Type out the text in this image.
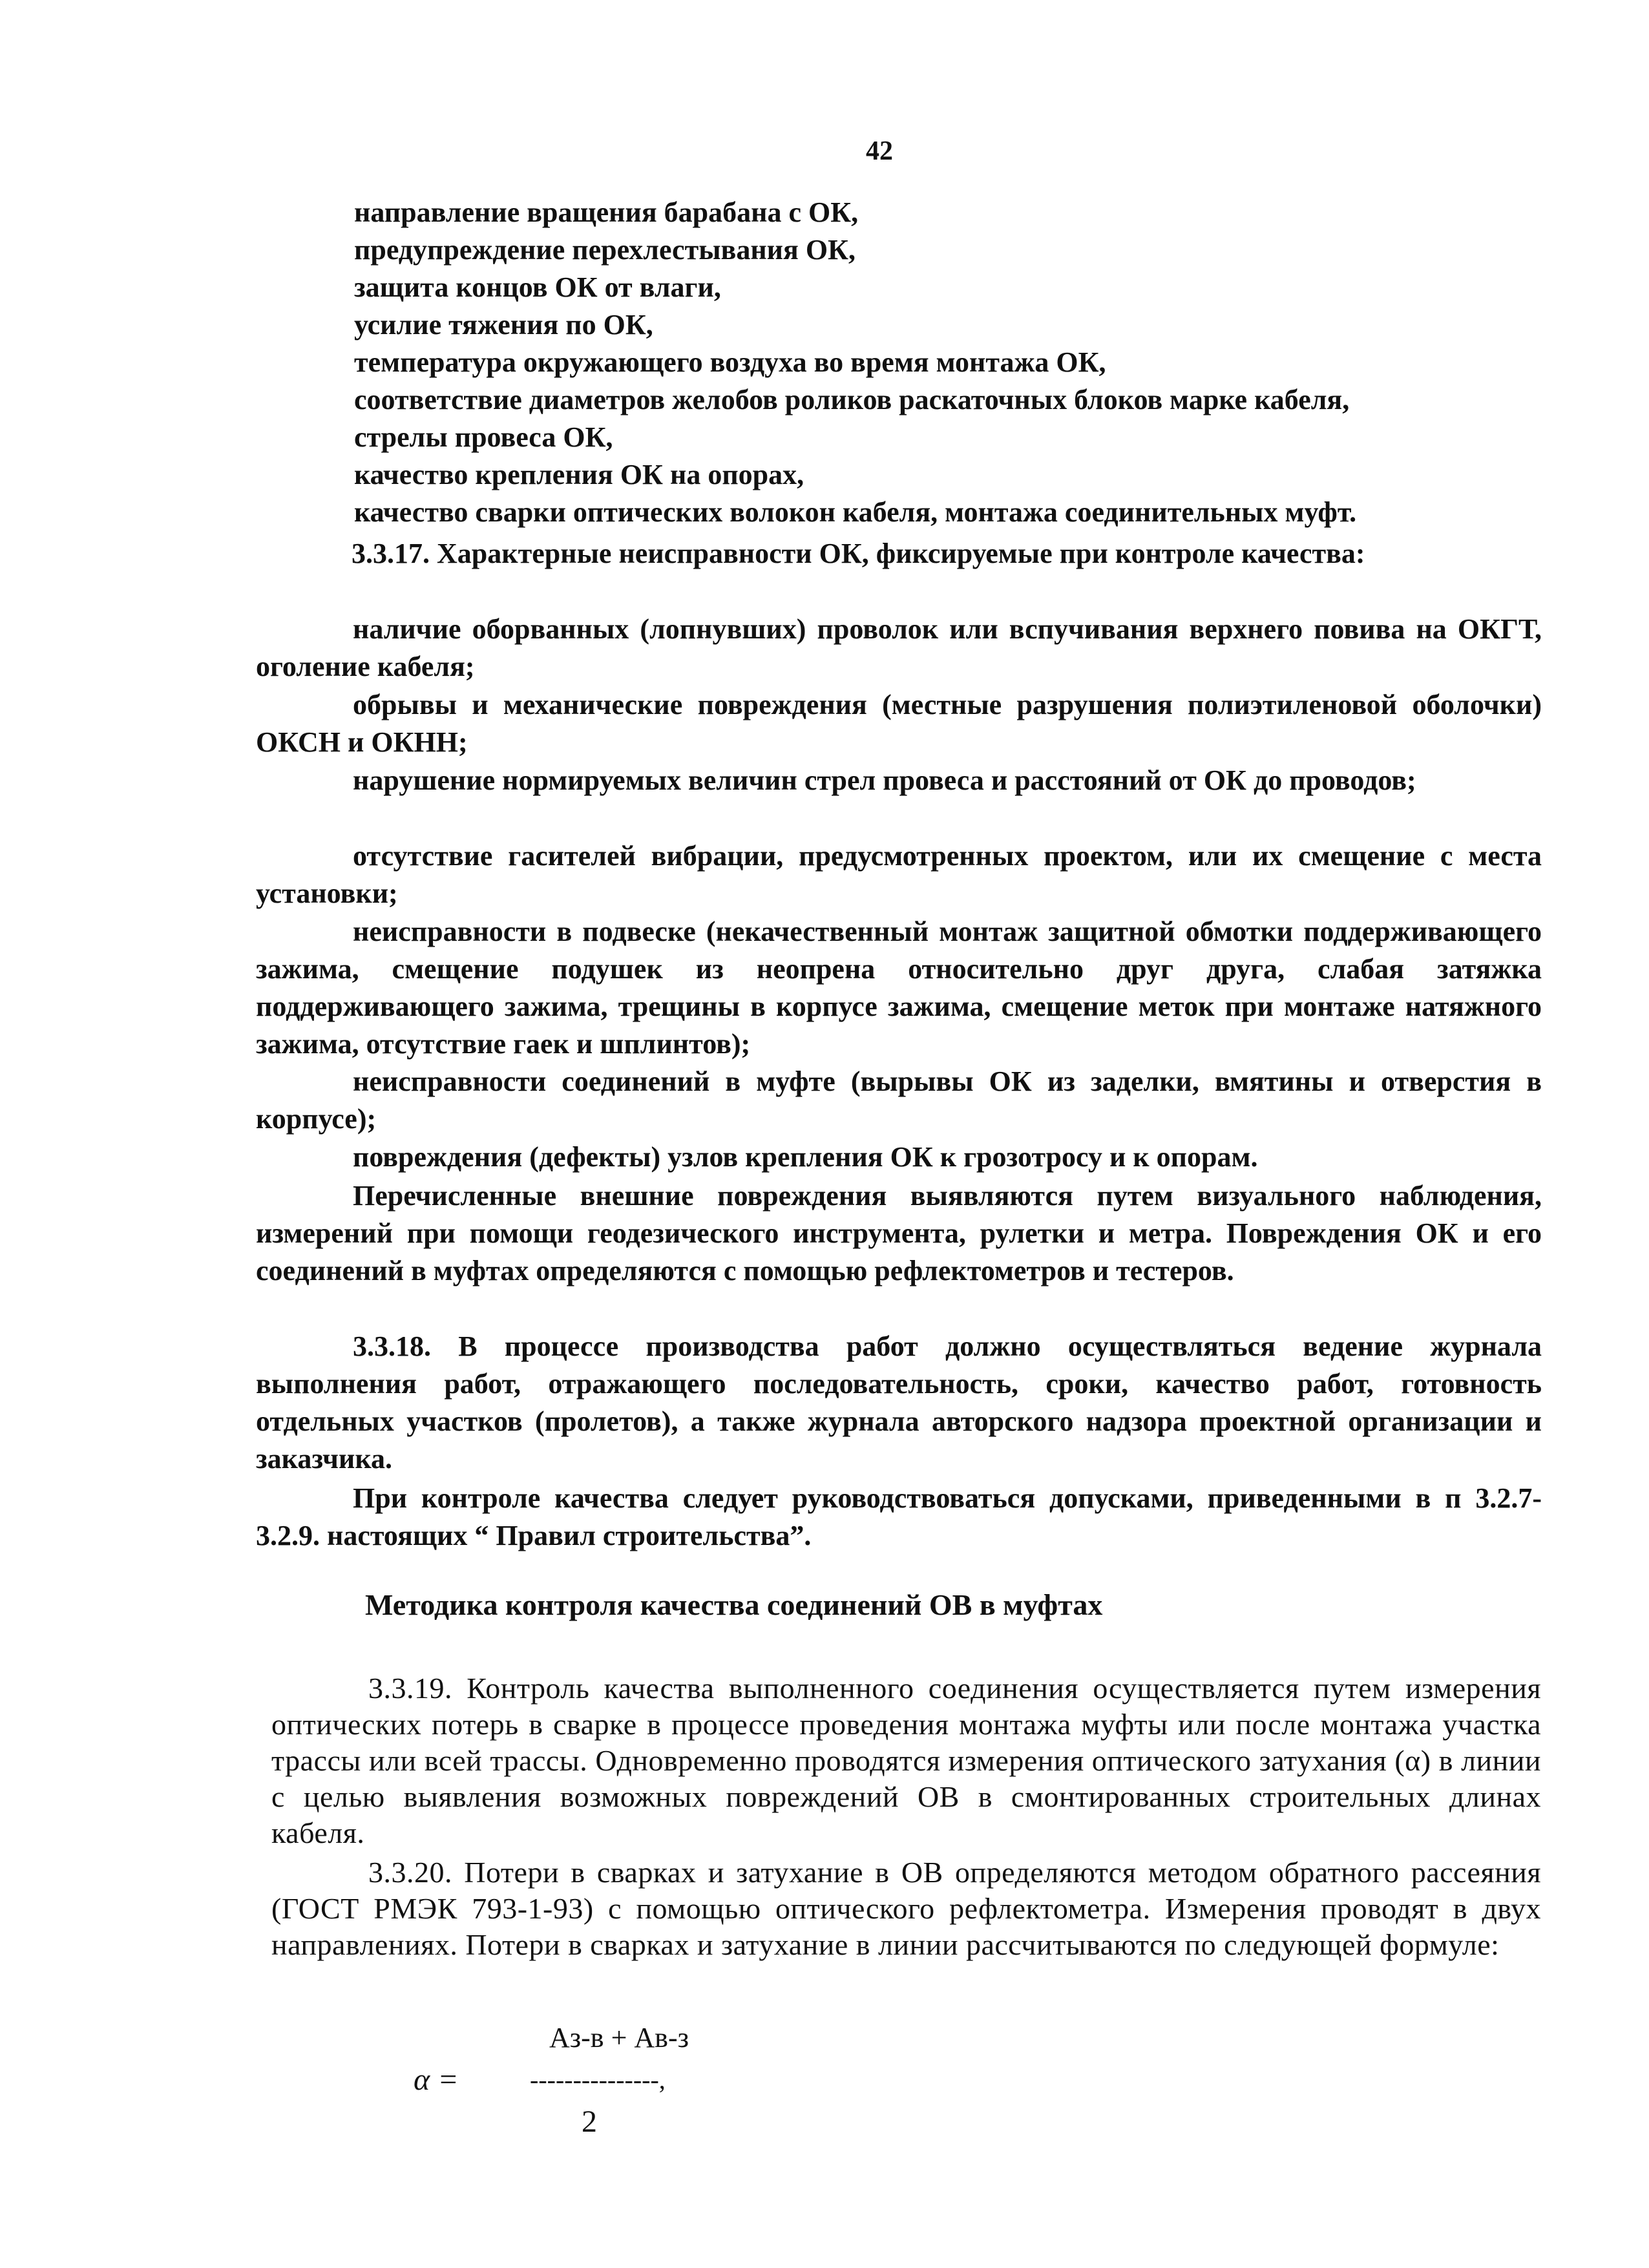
42
направление вращения барабана с ОК,
предупреждение перехлестывания ОК,
защита концов ОК от влаги,
усилие тяжения по ОК,
температура окружающего воздуха во время монтажа ОК,
соответствие диаметров желобов роликов раскаточных блоков марке кабеля,
стрелы провеса ОК,
качество крепления ОК на опорах,
качество сварки оптических волокон кабеля, монтажа соединительных муфт.
3.3.17. Характерные неисправности ОК, фиксируемые при контроле качества:
наличие оборванных (лопнувших) проволок или вспучивания верхнего повива на ОКГТ, оголение кабеля;
обрывы и механические повреждения (местные разрушения полиэтиленовой оболочки) ОКСН и ОКНН;
нарушение нормируемых величин стрел провеса и расстояний от ОК до проводов;
отсутствие гасителей вибрации, предусмотренных проектом, или их смещение с места установки;
неисправности в подвеске (некачественный монтаж защитной обмотки поддерживающего зажима, смещение подушек из неопрена относительно друг друга, слабая затяжка поддерживающего зажима, трещины в корпусе зажима, смещение меток при монтаже натяжного зажима, отсутствие гаек и шплинтов);
неисправности соединений в муфте (вырывы ОК из заделки, вмятины и отверстия в корпусе);
повреждения (дефекты) узлов крепления ОК к грозотросу и к опорам.
Перечисленные внешние повреждения выявляются путем визуального наблюдения, измерений при помощи геодезического инструмента, рулетки и метра. Повреждения ОК и его соединений в муфтах определяются с помощью рефлектометров и тестеров.
3.3.18. В процессе производства работ должно осуществляться ведение журнала выполнения работ, отражающего последовательность, сроки, качество работ, готовность отдельных участков (пролетов), а также журнала авторского надзора проектной организации и заказчика.
При контроле качества следует руководствоваться допусками, приведенными в п 3.2.7-3.2.9. настоящих “ Правил строительства”.
Методика контроля качества соединений ОВ в муфтах
3.3.19. Контроль качества выполненного соединения осуществляется путем измерения оптических потерь в сварке в процессе проведения монтажа муфты или после монтажа участка трассы или всей трассы. Одновременно проводятся измерения оптического затухания (α) в линии с целью выявления возможных повреждений ОВ в смонтированных строительных длинах кабеля.
3.3.20. Потери в сварках и затухание в ОВ определяются методом обратного рассеяния (ГОСТ РМЭК 793-1-93) с помощью оптического рефлектометра. Измерения проводят в двух направлениях. Потери в сварках и затухание в линии рассчитываются по следующей формуле:
Aз-в + Aв-з
α =	---------------,
2
